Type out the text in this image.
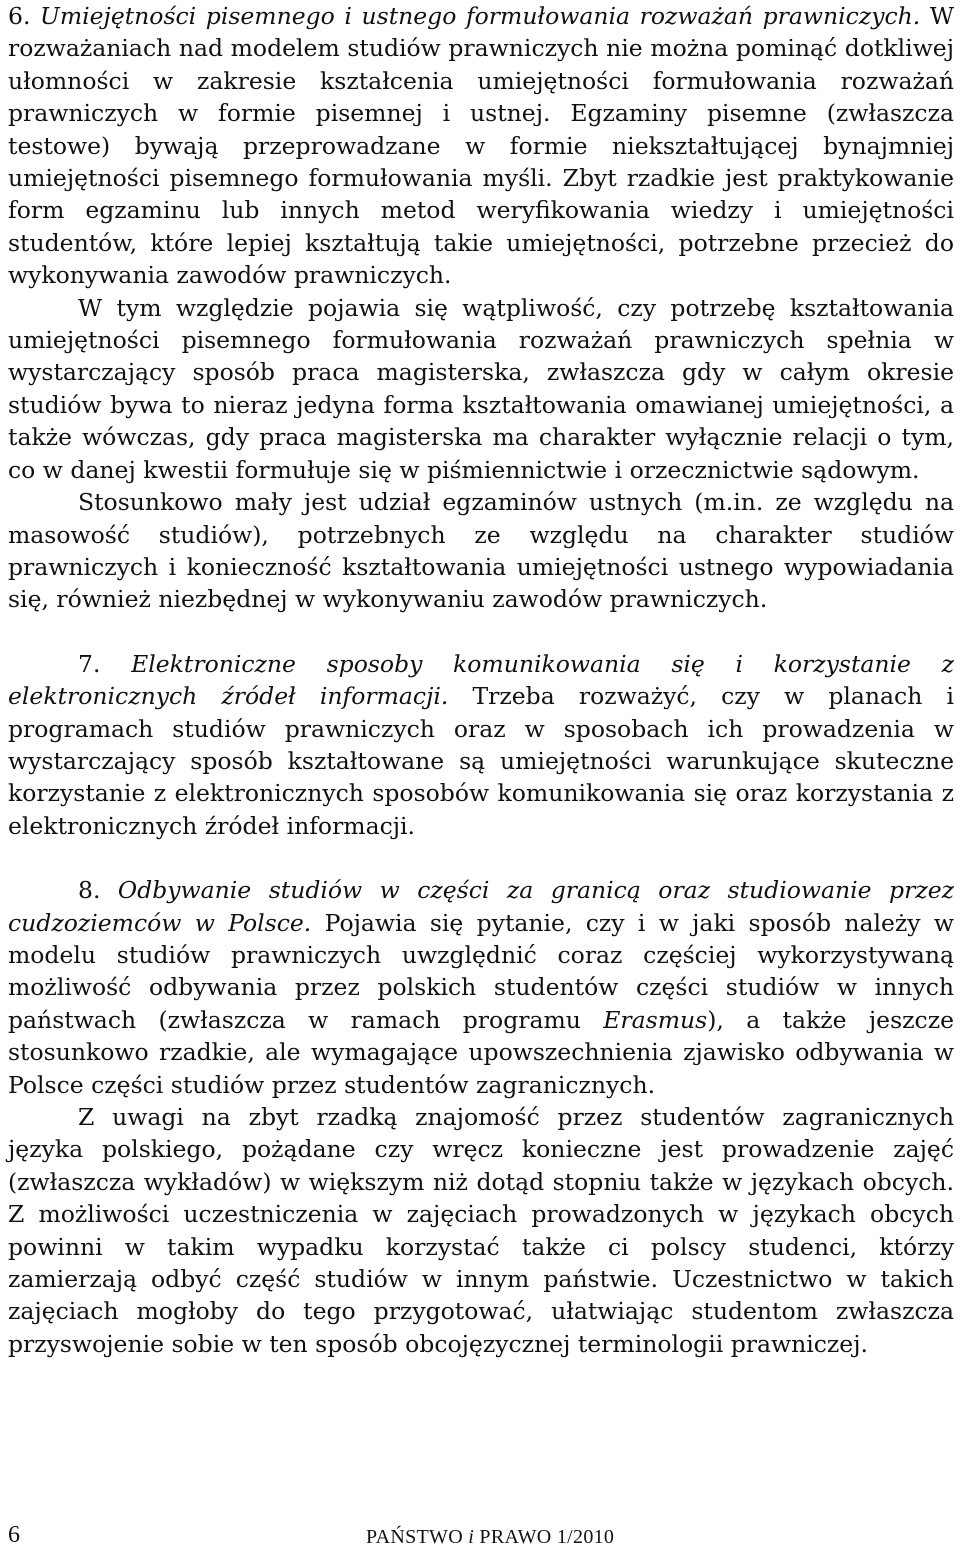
6. Umiejętności pisemnego i ustnego formułowania rozważań prawniczych. W rozważaniach nad modelem studiów prawniczych nie można pominąć dotkliwej ułomności w zakresie kształcenia umiejętności formułowania rozważań prawniczych w formie pisemnej i ustnej. Egzaminy pisemne (zwłaszcza testowe) bywają przeprowadzane w formie niekształtującej bynajmniej umiejętności pisemnego formułowania myśli. Zbyt rzadkie jest praktykowanie form egzaminu lub innych metod weryfikowania wiedzy i umiejętności studentów, które lepiej kształtują takie umiejętności, potrzebne przecież do wykonywania zawodów prawniczych.

W tym względzie pojawia się wątpliwość, czy potrzebę kształtowania umiejętności pisemnego formułowania rozważań prawniczych spełnia w wystarczający sposób praca magisterska, zwłaszcza gdy w całym okresie studiów bywa to nieraz jedyna forma kształtowania omawianej umiejętności, a także wówczas, gdy praca magisterska ma charakter wyłącznie relacji o tym, co w danej kwestii formułuje się w piśmiennictwie i orzecznictwie sądowym.

Stosunkowo mały jest udział egzaminów ustnych (m.in. ze względu na masowość studiów), potrzebnych ze względu na charakter studiów prawniczych i konieczność kształtowania umiejętności ustnego wypowiadania się, również niezbędnej w wykonywaniu zawodów prawniczych.

7. Elektroniczne sposoby komunikowania się i korzystanie z elektronicznych źródeł informacji. Trzeba rozważyć, czy w planach i programach studiów prawniczych oraz w sposobach ich prowadzenia w wystarczający sposób kształtowane są umiejętności warunkujące skuteczne korzystanie z elektronicznych sposobów komunikowania się oraz korzystania z elektronicznych źródeł informacji.

8. Odbywanie studiów w części za granicą oraz studiowanie przez cudzoziemców w Polsce. Pojawia się pytanie, czy i w jaki sposób należy w modelu studiów prawniczych uwzględnić coraz częściej wykorzystywaną możliwość odbywania przez polskich studentów części studiów w innych państwach (zwłaszcza w ramach programu Erasmus), a także jeszcze stosunkowo rzadkie, ale wymagające upowszechnienia zjawisko odbywania w Polsce części studiów przez studentów zagranicznych.

Z uwagi na zbyt rzadką znajomość przez studentów zagranicznych języka polskiego, pożądane czy wręcz konieczne jest prowadzenie zajęć (zwłaszcza wykładów) w większym niż dotąd stopniu także w językach obcych. Z możliwości uczestniczenia w zajęciach prowadzonych w językach obcych powinni w takim wypadku korzystać także ci polscy studenci, którzy zamierzają odbyć część studiów w innym państwie. Uczestnictwo w takich zajęciach mogłoby do tego przygotować, ułatwiając studentom zwłaszcza przyswojenie sobie w ten sposób obcojęzycznej terminologii prawniczej.

6	PAŃSTWO i PRAWO 1/2010
